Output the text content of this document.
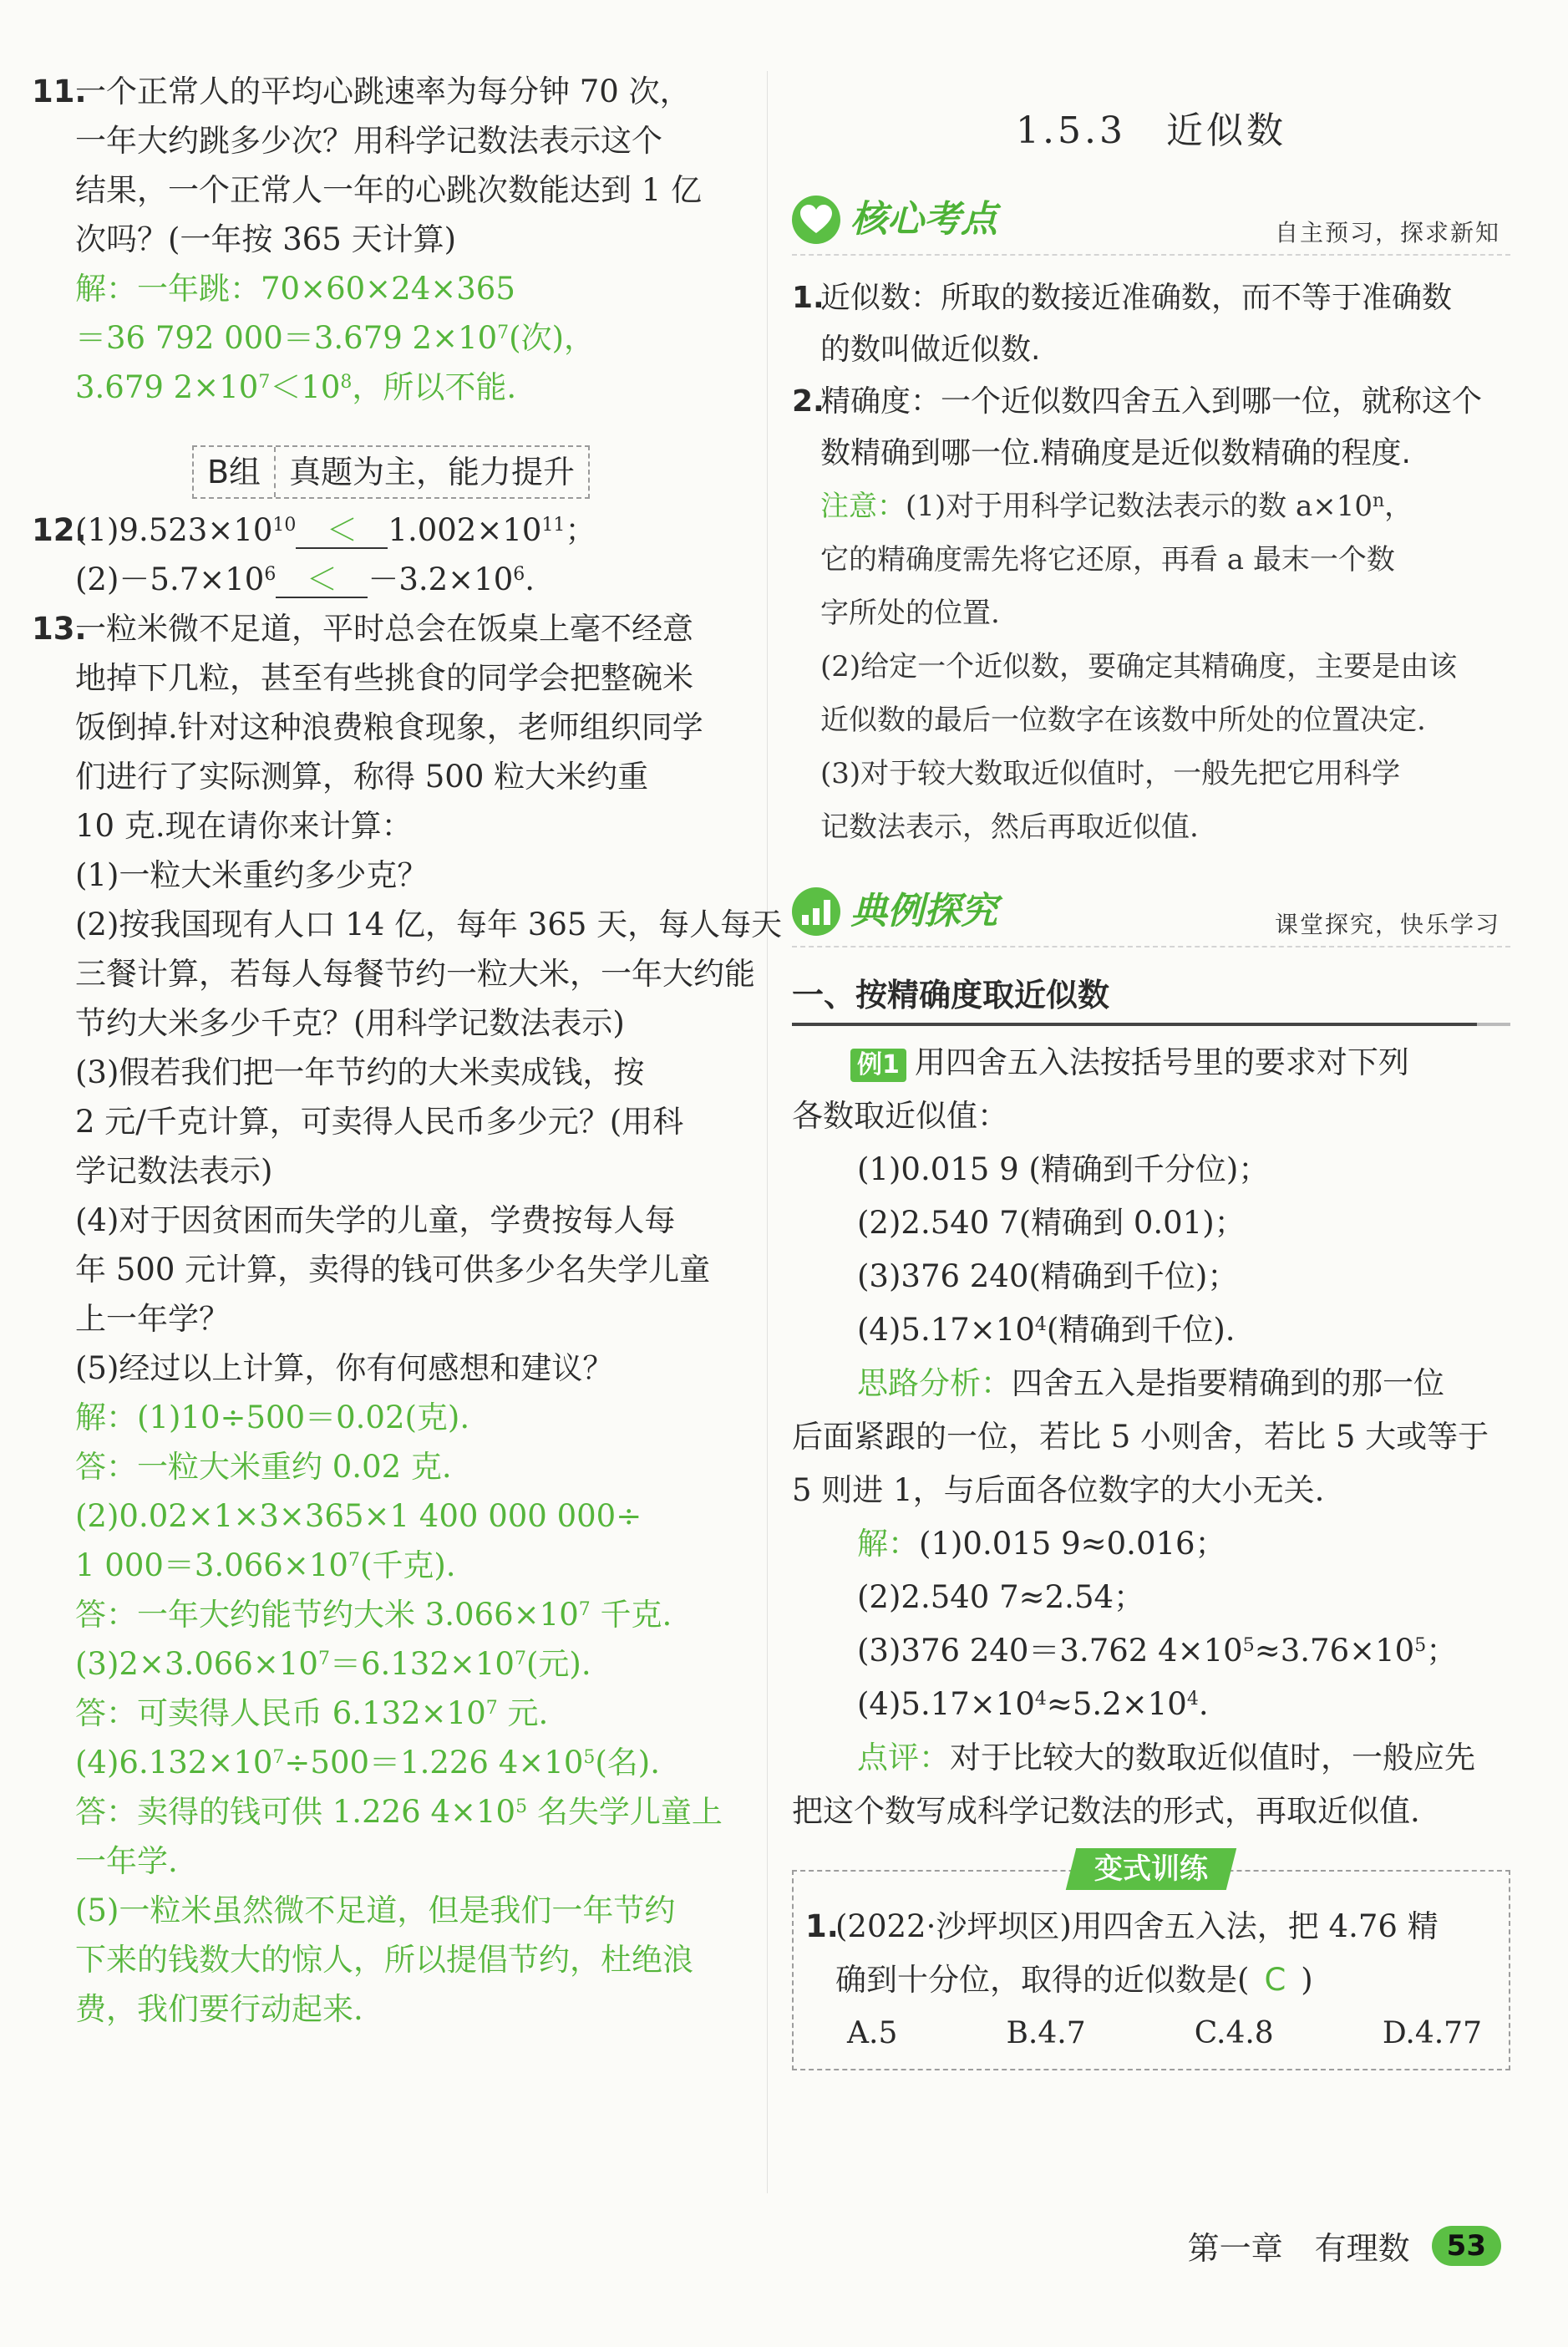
11.
一个正常人的平均心跳速率为每分钟 70 次，
一年大约跳多少次？用科学记数法表示这个
结果，一个正常人一年的心跳次数能达到 1 亿
次吗？(一年按 365 天计算)
解：一年跳：70×60×24×365
＝36 792 000＝3.679 $2\times 10^7$(次)，
3.679 $2\times 10^7<10^8$，所以不能.
B组 真题为主，能力提升
12.
$(1)9.523\times 10^{10} < 1.002\times 10^{11}$；
$(2)-5.7\times 10^6 < -3.2\times 10^6$.
13.
一粒米微不足道，平时总会在饭桌上毫不经意
地掉下几粒，甚至有些挑食的同学会把整碗米
饭倒掉.针对这种浪费粮食现象，老师组织同学
们进行了实际测算，称得 500 粒大米约重
10 克.现在请你来计算：
(1)一粒大米重约多少克？
(2)按我国现有人口 14 亿，每年 365 天，每人每天
三餐计算，若每人每餐节约一粒大米，一年大约能
节约大米多少千克？(用科学记数法表示)
(3)假若我们把一年节约的大米卖成钱，按
2 元/千克计算，可卖得人民币多少元？(用科
学记数法表示)
(4)对于因贫困而失学的儿童，学费按每人每
年 500 元计算，卖得的钱可供多少名失学儿童
上一年学？
(5)经过以上计算，你有何感想和建议？
解：(1)10÷500＝0.02(克).
答：一粒大米重约 0.02 克.
(2)0.02×1×3×365×1 400 000 000÷
1 $000=3.066\times 10^7$(千克).
答：一年大约能节约大米 $3.066\times 10^7$ 千克.
$(3)2\times 3.066\times 10^7=6.132\times 10^7$(元).
答：可卖得人民币 $6.132\times 10^7$ 元.
$(4)6.132\times 10^7\div 500=1.226$ $4\times 10^5$(名).
答：卖得的钱可供 1.226 $4\times 10^5$ 名失学儿童上
一年学.
(5)一粒米虽然微不足道，但是我们一年节约
下来的钱数大的惊人，所以提倡节约，杜绝浪
费，我们要行动起来.
1.5.3　近似数
核心考点	自主预习，探求新知
1.
近似数：所取的数接近准确数，而不等于准确数
的数叫做近似数.
2.
精确度：一个近似数四舍五入到哪一位，就称这个
数精确到哪一位.精确度是近似数精确的程度.
注意：(1)对于用科学记数法表示的数 $a\times 10^n$，
它的精确度需先将它还原，再看 a 最末一个数
字所处的位置.
(2)给定一个近似数，要确定其精确度，主要是由该
近似数的最后一位数字在该数中所处的位置决定.
(3)对于较大数取近似值时，一般先把它用科学
记数法表示，然后再取近似值.
典例探究	课堂探究，快乐学习
一、按精确度取近似数
例1 用四舍五入法按括号里的要求对下列
各数取近似值：
(1)0.015 9 (精确到千分位)；
(2)2.540 7(精确到 0.01)；
(3)376 240(精确到千位)；
$(4)5.17\times 10^4$(精确到千位).
思路分析：四舍五入是指要精确到的那一位
后面紧跟的一位，若比 5 小则舍，若比 5 大或等于
5 则进 1，与后面各位数字的大小无关.
解：(1)0.015 9≈0.016；
(2)2.540 7≈2.54；
(3)376 240＝3.762 $4\times 10^5\approx 3.76\times 10^5$；
$(4)5.17\times 10^4\approx 5.2\times 10^4$.
点评：对于比较大的数取近似值时，一般应先
把这个数写成科学记数法的形式，再取近似值.
变式训练
1.
(2022·沙坪坝区)用四舍五入法，把 4.76 精
确到十分位，取得的近似数是( C )
A.5	B.4.7	C.4.8	D.4.77
第一章　有理数	53
